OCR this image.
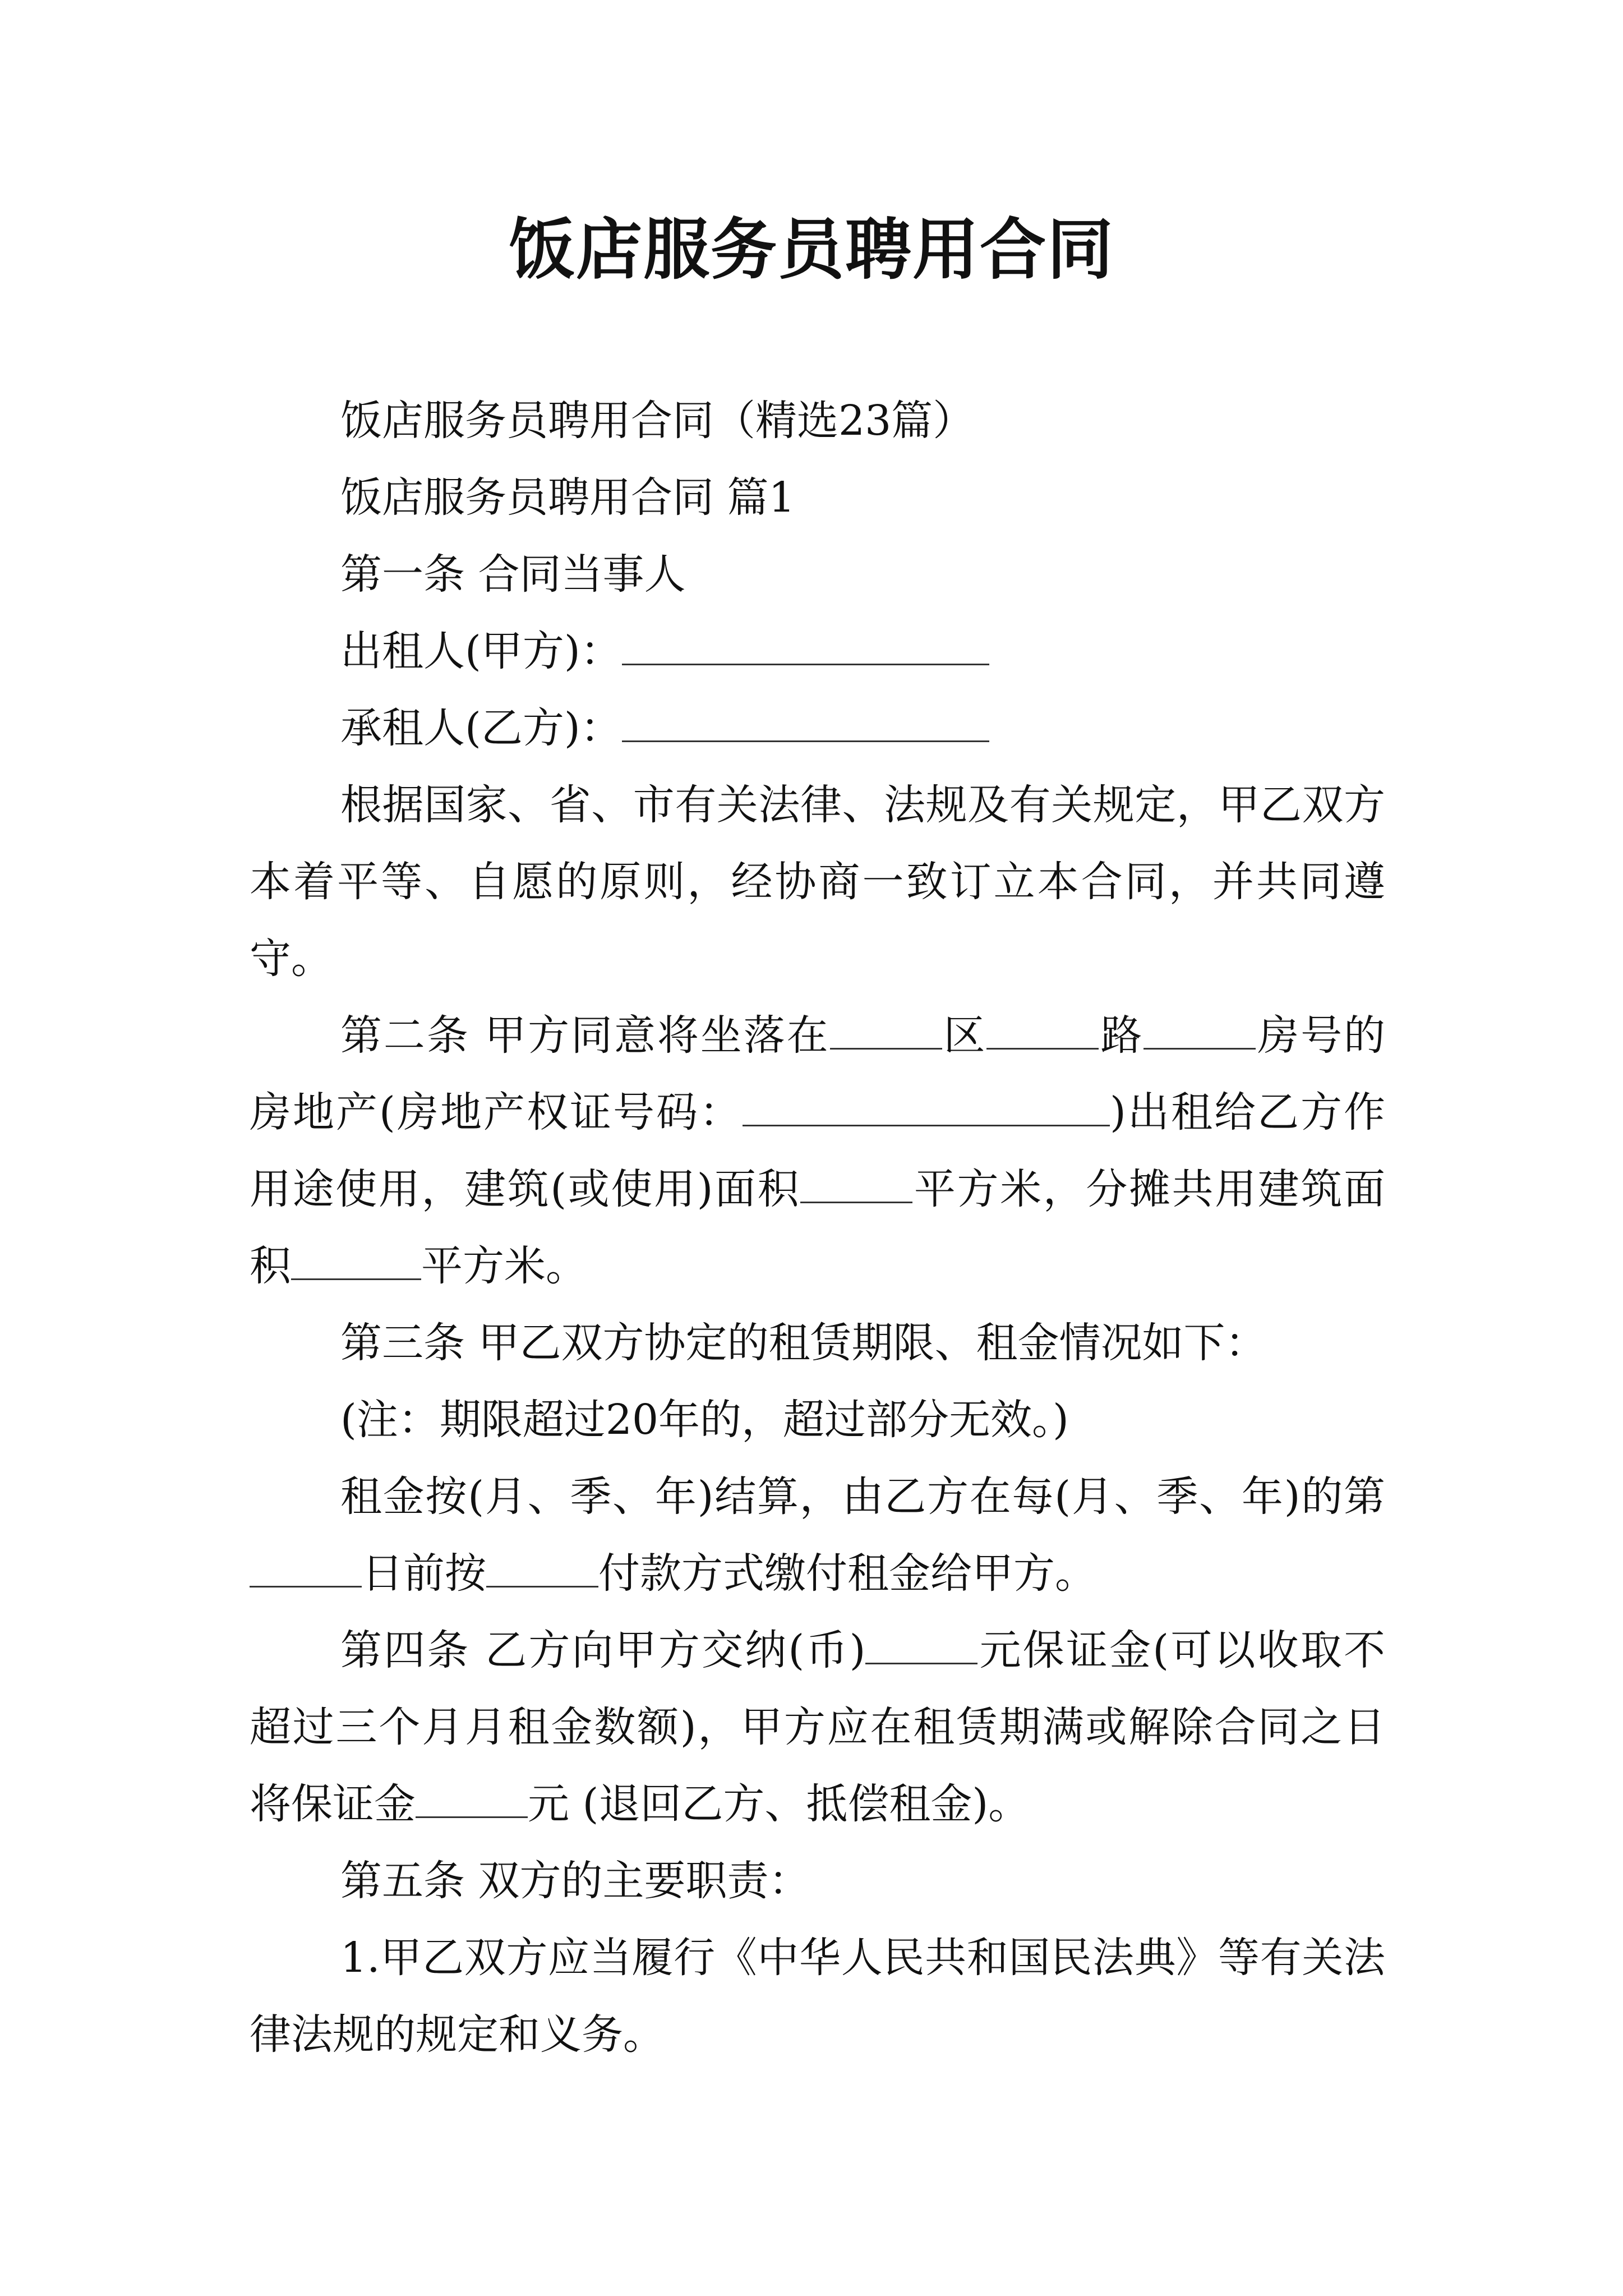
饭店服务员聘用合同

饭店服务员聘用合同（精选23篇）

饭店服务员聘用合同 篇1

第一条 合同当事人

出租人(甲方)：

承租人(乙方)：

根据国家、省、市有关法律、法规及有关规定，甲乙双方本着平等、自愿的原则，经协商一致订立本合同，并共同遵守。

第二条 甲方同意将坐落在	区	路	房号的房地产(房地产权证号码：	)出租给乙方作用途使用，建筑(或使用)面积	平方米，分摊共用建筑面积	平方米。

第三条 甲乙双方协定的租赁期限、租金情况如下：

(注：期限超过20年的，超过部分无效。)

租金按(月、季、年)结算，由乙方在每(月、季、年)的第日前按	付款方式缴付租金给甲方。

第四条 乙方向甲方交纳(币)	元保证金(可以收取不超过三个月月租金数额)，甲方应在租赁期满或解除合同之日将保证金	元 (退回乙方、抵偿租金)。

第五条 双方的主要职责：

1.甲乙双方应当履行《中华人民共和国民法典》等有关法律法规的规定和义务。
